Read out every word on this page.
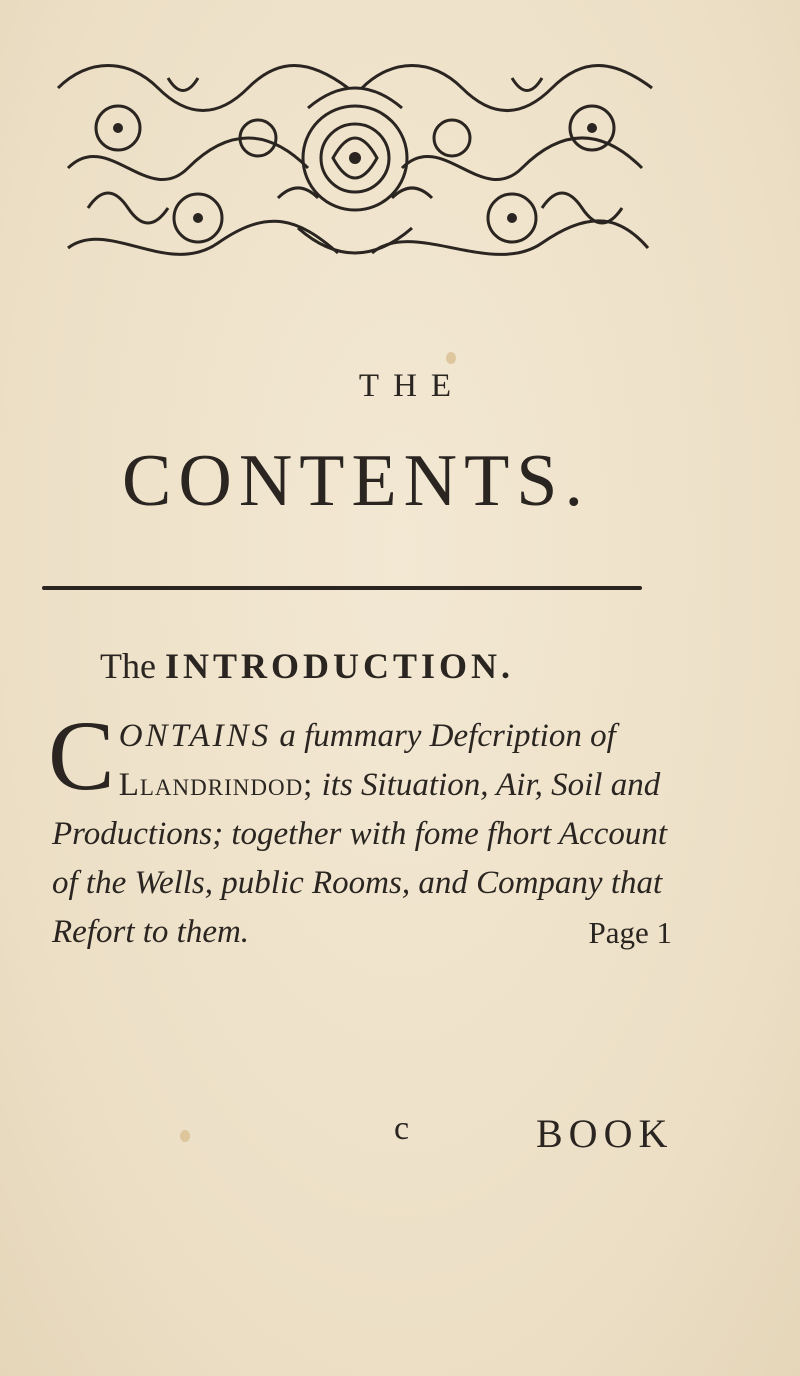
THE
CONTENTS.
The INTRODUCTION.
C ONTAINS a fummary Defcription of Llandrindod; its Situation, Air, Soil and Productions; together with fome fhort Account of the Wells, public Rooms, and Company that Refort to them.	Page 1
c	BOOK
